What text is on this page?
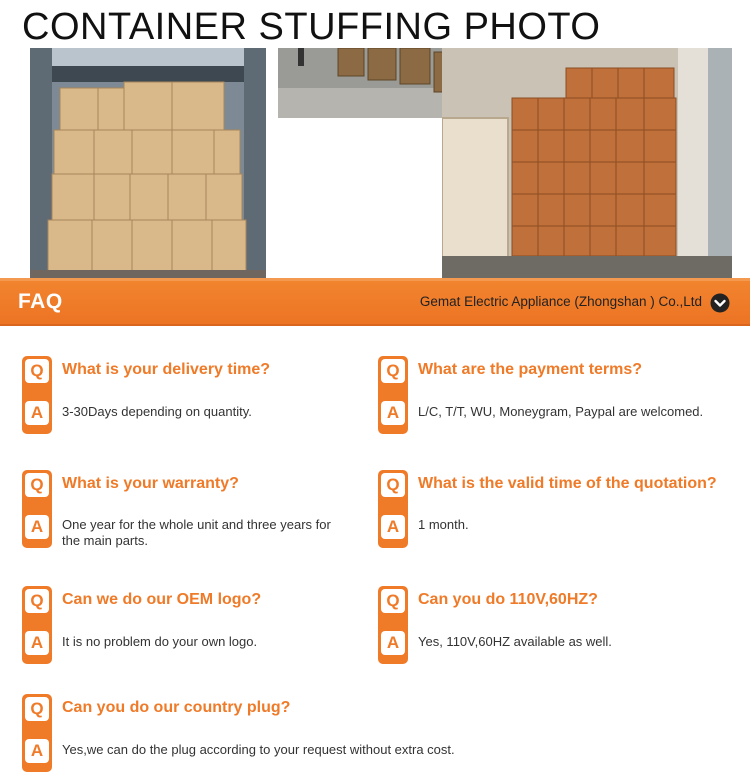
CONTAINER STUFFING PHOTO
FAQ	Gemat Electric Appliance (Zhongshan ) Co.,Ltd
Q
A
What is your delivery time?
3-30Days depending on quantity.
Q
A
What are the payment terms?
L/C, T/T, WU, Moneygram, Paypal are welcomed.
Q
A
What is your warranty?
One year for the whole unit and three years for the main parts.
Q
A
What is the valid time of the quotation?
1 month.
Q
A
Can we do our OEM logo?
It is no problem do your own logo.
Q
A
Can you do 110V,60HZ?
Yes, 110V,60HZ available as well.
Q
A
Can you do our country plug?
Yes,we can do the plug according to your request without extra cost.
